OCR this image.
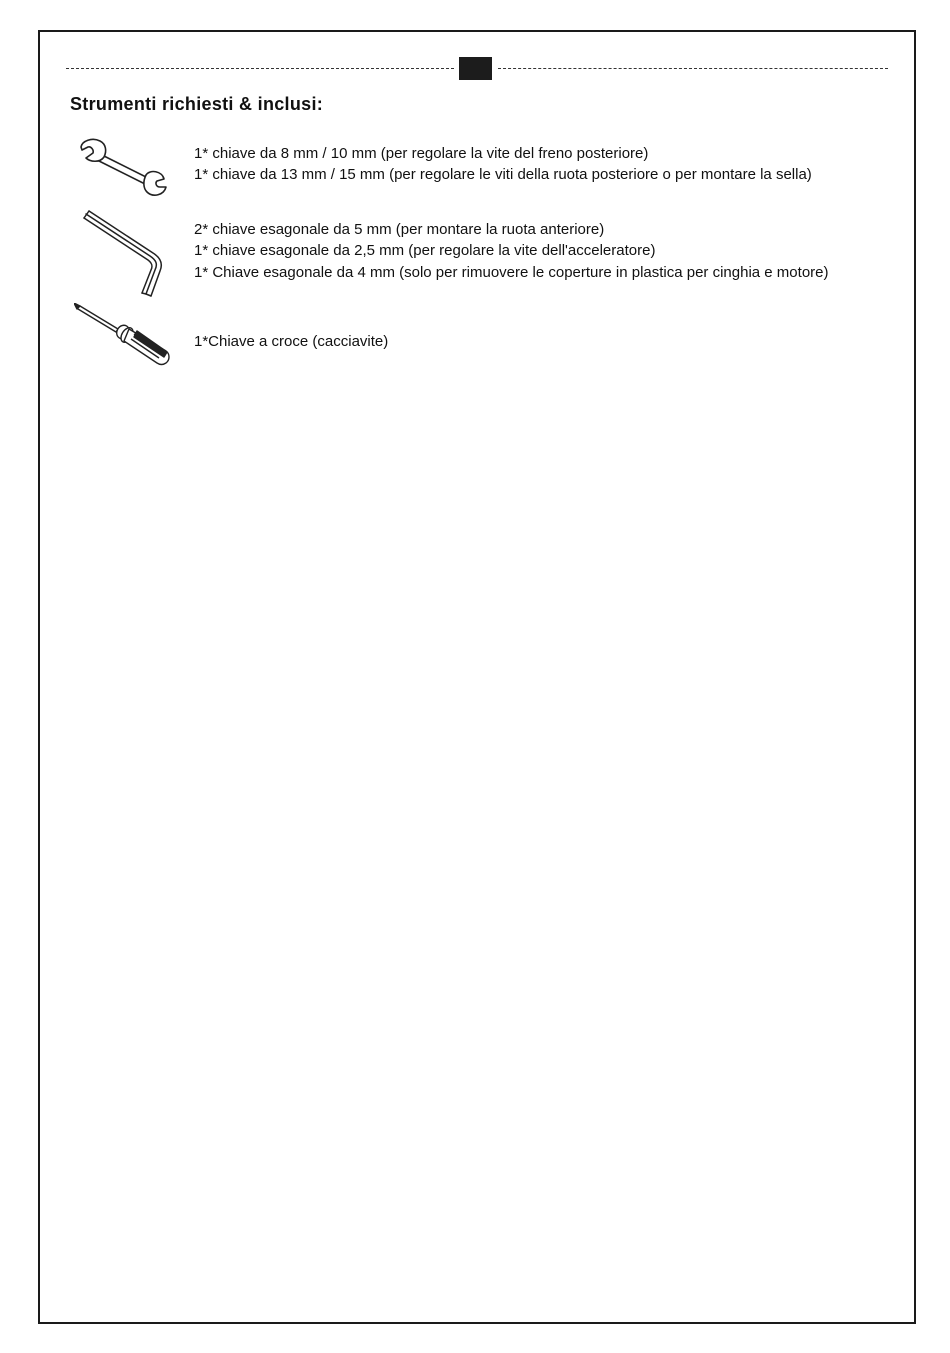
Strumenti richiesti & inclusi:

1* chiave da 8 mm / 10 mm (per regolare la vite del freno posteriore)

1* chiave da 13 mm / 15 mm (per regolare le viti della ruota posteriore o per montare la sella)

2* chiave esagonale da 5 mm (per montare la ruota anteriore)

1* chiave esagonale da 2,5 mm (per regolare la vite dell'acceleratore)

1* Chiave esagonale da 4 mm (solo per rimuovere le coperture in plastica per cinghia e motore)

1*Chiave a croce (cacciavite)
